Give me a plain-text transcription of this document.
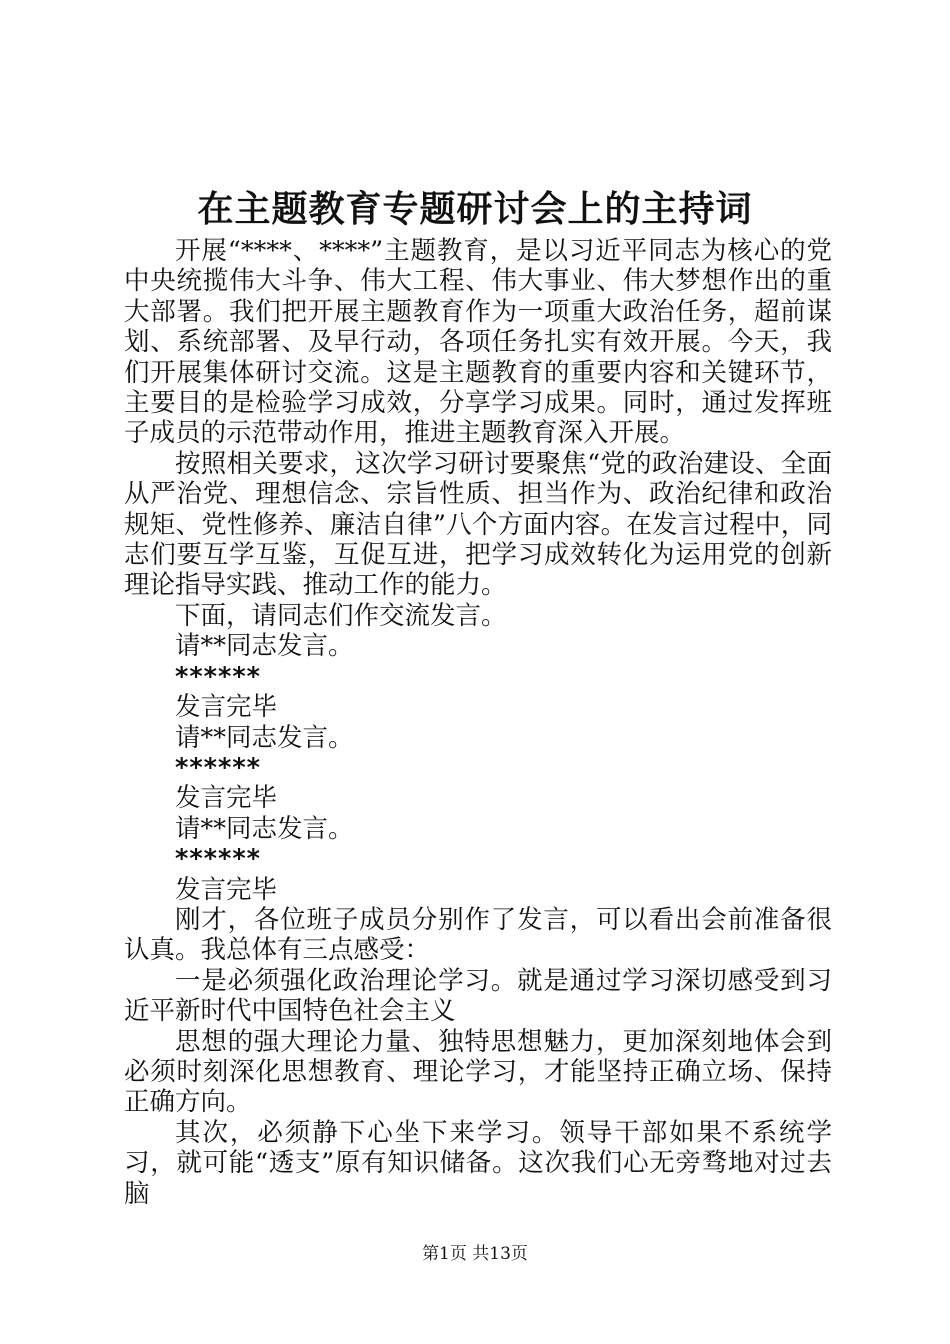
在主题教育专题研讨会上的主持词

开展“****、****”主题教育，是以习近平同志为核心的党中央统揽伟大斗争、伟大工程、伟大事业、伟大梦想作出的重大部署。我们把开展主题教育作为一项重大政治任务，超前谋划、系统部署、及早行动，各项任务扎实有效开展。今天，我们开展集体研讨交流。这是主题教育的重要内容和关键环节，主要目的是检验学习成效，分享学习成果。同时，通过发挥班子成员的示范带动作用，推进主题教育深入开展。

按照相关要求，这次学习研讨要聚焦“党的政治建设、全面从严治党、理想信念、宗旨性质、担当作为、政治纪律和政治规矩、党性修养、廉洁自律”八个方面内容。在发言过程中，同志们要互学互鉴，互促互进，把学习成效转化为运用党的创新理论指导实践、推动工作的能力。

下面，请同志们作交流发言。

请**同志发言。

******

发言完毕

请**同志发言。

******

发言完毕

请**同志发言。

******

发言完毕

刚才，各位班子成员分别作了发言，可以看出会前准备很认真。我总体有三点感受：

一是必须强化政治理论学习。就是通过学习深切感受到习近平新时代中国特色社会主义

思想的强大理论力量、独特思想魅力，更加深刻地体会到必须时刻深化思想教育、理论学习，才能坚持正确立场、保持正确方向。

其次，必须静下心坐下来学习。领导干部如果不系统学习，就可能“透支”原有知识储备。这次我们心无旁骛地对过去脑

第1页 共13页
